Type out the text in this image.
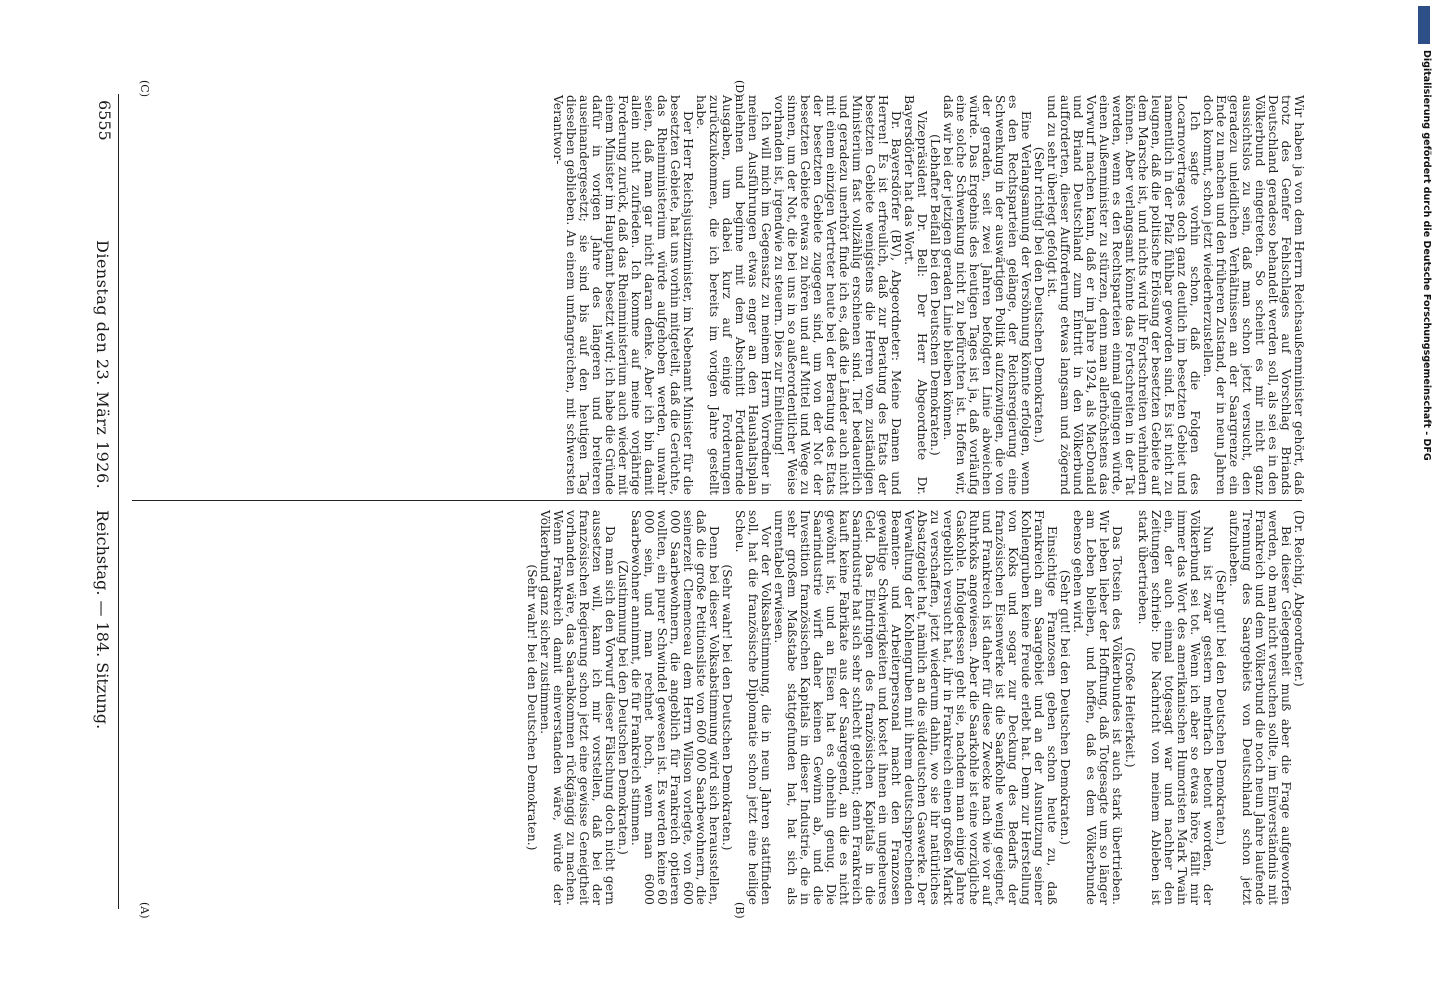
Reichstag. — 184. Sitzung.
Dienstag den 23. März 1926.
(A)	(B)
(C)	(D)

(Dr. Reichig, Abgeordneter.)

Bei dieser Gelegenheit muß aber die Frage aufgeworfen werden, ob man nicht versuchen sollte, im Einverständnis mit Frankreich und dem Völkerbund die noch neun Jahre laufende Trennung des Saargebiets von Deutschland schon jetzt aufzuheben.

(Sehr gut! bei den Deutschen Demokraten.)

Nun ist zwar gestern mehrfach betont worden, der Völkerbund sei tot. Wenn ich aber so etwas höre, fällt mir immer das Wort des amerikanischen Humoristen Mark Twain ein, der auch einmal totgesagt war und nachher den Zeitungen schrieb: Die Nachricht von meinem Ableben ist stark übertrieben.

(Große Heiterkeit.)

Das Totsein des Völkerbundes ist auch stark übertrieben. Wir leben lieber der Hoffnung, daß Totgesagte um so länger am Leben bleiben, und hoffen, daß es dem Völkerbunde ebenso gehen wird.

(Sehr gut! bei den Deutschen Demokraten.)

Einsichtige Franzosen geben schon heute zu, daß Frankreich am Saargebiet und an der Ausnutzung seiner Kohlengruben keine Freude erlebt hat. Denn zur Herstellung von Koks und sogar zur Deckung des Bedarfs der französischen Eisenwerke ist die Saarkohle wenig geeignet, und Frankreich ist daher für diese Zwecke nach wie vor auf Ruhrkoks angewiesen. Aber die Saarkohle ist eine vorzügliche Gaskohle. Infolgedessen geht sie, nachdem man einige Jahre vergeblich versucht hat, ihr in Frankreich einen großen Markt zu verschaffen, jetzt wiederum dahin, wo sie ihr natürliches Absatzgebiet hat, nämlich an die süddeutschen Gaswerke. Der Verwaltung der Kohlengruben mit ihrem deutschsprechenden Beamten- und Arbeiterpersonal macht den Franzosen gewaltige Schwierigkeiten und kostet ihnen ein ungeheures Geld. Das Eindringen des französischen Kapitals in die Saarindustrie hat sich sehr schlecht gelohnt; denn Frankreich kauft keine Fabrikate aus der Saargegend, an die es nicht gewöhnt ist, und an Eisen hat es ohnehin genug. Die Saarindustrie wirft daher keinen Gewinn ab, und die Investition französischen Kapitals in dieser Industrie, die in sehr großem Maßstabe stattgefunden hat, hat sich als unrentabel erwiesen.

Vor der Volksabstimmung, die in neun Jahren stattfinden soll, hat die französische Diplomatie schon jetzt eine heilige Scheu.

(Sehr wahr! bei den Deutschen Demokraten.)

Denn bei dieser Volksabstimmung wird sich herausstellen, daß die große Petitionsliste von 600 000 Saarbewohnern, die seinerzeit Clemenceau dem Herrn Wilson vorlegte, von 600 000 Saarbewohnern, die angeblich für Frankreich optieren wollten, ein purer Schwindel gewesen ist. Es werden keine 60 000 sein, und man rechnet hoch, wenn man 6000 Saarbewohner annimmt, die für Frankreich stimmen.

(Zustimmung bei den Deutschen Demokraten.)

Da man sich den Vorwurf dieser Fälschung doch nicht gern aussetzen will, kann ich mir vorstellen, daß bei der französischen Regierung schon jetzt eine gewisse Geneigtheit vorhanden wäre, das Saarabkommen rückgängig zu machen. Wenn Frankreich damit einverstanden wäre, würde der Völkerbund ganz sicher zustimmen.

(Sehr wahr! bei den Deutschen Demokraten.)

Wir haben ja von dem Herrn Reichsaußenminister gehört, daß trotz des Genfer Fehlschlages auf Vorschlag Briands Deutschland geradeso behandelt werden soll, als sei es in den Völkerbund eingetreten. So scheint es mir nicht ganz aussichtslos zu sein, daß man schon jetzt versucht, den geradezu unleidlichen Verhältnissen an der Saargrenze ein Ende zu machen und den früheren Zustand, der in neun Jahren doch kommt, schon jetzt wiederherzustellen.

Ich sagte vorhin schon, daß die Folgen des Locarnovertrages doch ganz deutlich im besetzten Gebiet und namentlich in der Pfalz fühlbar geworden sind. Es ist nicht zu leugnen, daß die politische Erlösung der besetzten Gebiete auf dem Marsche ist, und nichts wird ihr Fortschreiten verhindern können. Aber verlangsamt könnte das Fortschreiten in der Tat werden, wenn es den Rechtsparteien einmal gelingen würde, einen Außenminister zu stürzen, denn man allerhöchstens das Vorwurf machen kann, daß er im Jahre 1924, als MacDonald und Briand Deutschland zum Eintritt in den Völkerbund aufforderten, dieser Aufforderung etwas langsam und zögernd und zu sehr überlegt gefolgt ist.

(Sehr richtig! bei den Deutschen Demokraten.)

Eine Verlangsamung der Versöhnung könnte erfolgen, wenn es den Rechtsparteien gelänge, der Reichsregierung eine Schwenkung in der auswärtigen Politik aufzuzwingen, die von der geraden, seit zwei Jahren befolgten Linie abweichen würde. Das Ergebnis des heutigen Tages ist ja, daß vorläufig eine solche Schwenkung nicht zu befürchten ist. Hoffen wir, daß wir bei der jetzigen geraden Linie bleiben können.

(Lebhafter Beifall bei den Deutschen Demokraten.)

Vizepräsident Dr. Bell: Der Herr Abgeordnete Dr. Bayersdörfer hat das Wort.

Dr. Bayersdörfer (BV), Abgeordneter: Meine Damen und Herren! Es ist erfreulich, daß zur Beratung des Etats der besetzten Gebiete wenigstens die Herren vom zuständigen Ministerium fast vollzählig erschienen sind. Tief bedauerlich und geradezu unerhört finde ich es, daß die Länder auch nicht mit einem einzigen Vertreter heute bei der Beratung des Etats der besetzten Gebiete zugegen sind, um von der Not der besetzten Gebiete etwas zu hören und auf Mittel und Wege zu sinnen, um der Not, die bei uns in so außerordentlicher Weise vorhanden ist, irgendwie zu steuern. Dies zur Einleitung!

Ich will mich im Gegensatz zu meinem Herrn Vorredner in meinen Ausführungen etwas enger an den Haushaltsplan anlehnen und beginne mit dem Abschnitt Fortdauernde Ausgaben, um dabei kurz auf einige Forderungen zurückzukommen, die ich bereits im vorigen Jahre gestellt habe.

Der Herr Reichsjustizminister, im Nebenamt Minister für die besetzten Gebiete, hat uns vorhin mitgeteilt, daß die Gerüchte, das Rheinministerium würde aufgehoben werden, unwahr seien, daß man gar nicht daran denke. Aber ich bin damit allein nicht zufrieden. Ich komme auf meine vorjährige Forderung zurück, daß das Rheinministerium auch wieder mit einem Minister im Hauptamt besetzt wird; ich habe die Gründe dafür in vorigen Jahre des längeren und breiteren auseinandergesetzt; sie sind bis auf den heutigen Tag dieselben geblieben. An einem umfangreichen, mit schwersten Verantwor-	Digitalisierung gefördert durch die Deutsche Forschungsgemeinschaft - DFG
6555
